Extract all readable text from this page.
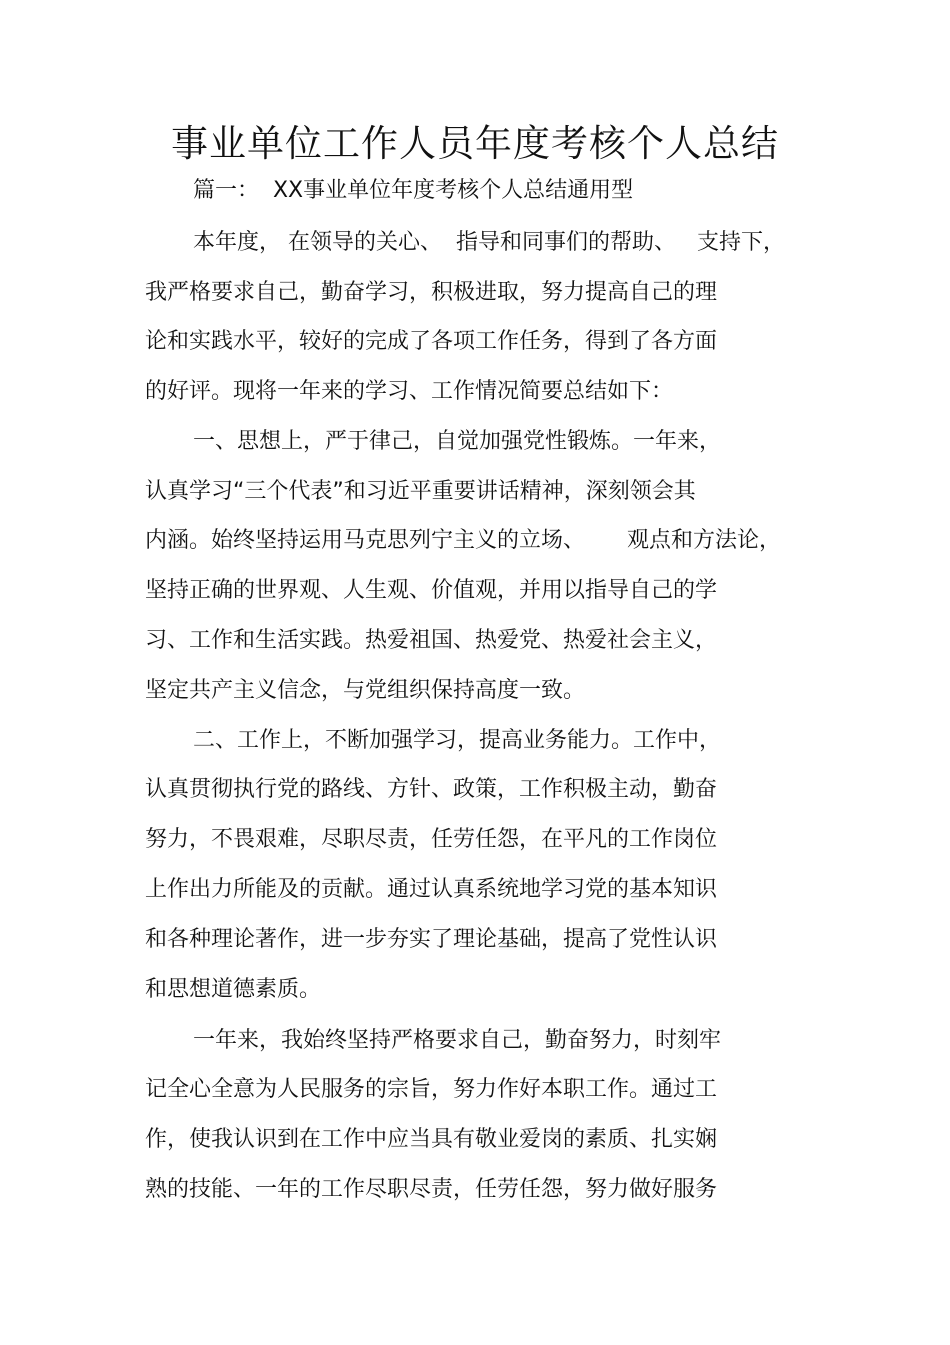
事业单位工作人员年度考核个人总结
篇一：  XX事业单位年度考核个人总结通用型
本年度， 在领导的关心、  指导和同事们的帮助、   支持下，
我严格要求自己，勤奋学习，积极进取，努力提高自己的理
论和实践水平，较好的完成了各项工作任务，得到了各方面
的好评。现将一年来的学习、工作情况简要总结如下：
一、思想上，严于律己，自觉加强党性锻炼。一年来，
认真学习“三个代表”和习近平重要讲话精神，深刻领会其
内涵。始终坚持运用马克思列宁主义的立场、      观点和方法论，
坚持正确的世界观、人生观、价值观，并用以指导自己的学
习、工作和生活实践。热爱祖国、热爱党、热爱社会主义，
坚定共产主义信念，与党组织保持高度一致。
二、工作上，不断加强学习，提高业务能力。工作中，
认真贯彻执行党的路线、方针、政策，工作积极主动，勤奋
努力，不畏艰难，尽职尽责，任劳任怨，在平凡的工作岗位
上作出力所能及的贡献。通过认真系统地学习党的基本知识
和各种理论著作，进一步夯实了理论基础，提高了党性认识
和思想道德素质。
一年来，我始终坚持严格要求自己，勤奋努力，时刻牢
记全心全意为人民服务的宗旨，努力作好本职工作。通过工
作，使我认识到在工作中应当具有敬业爱岗的素质、扎实娴
熟的技能、一年的工作尽职尽责，任劳任怨，努力做好服务
